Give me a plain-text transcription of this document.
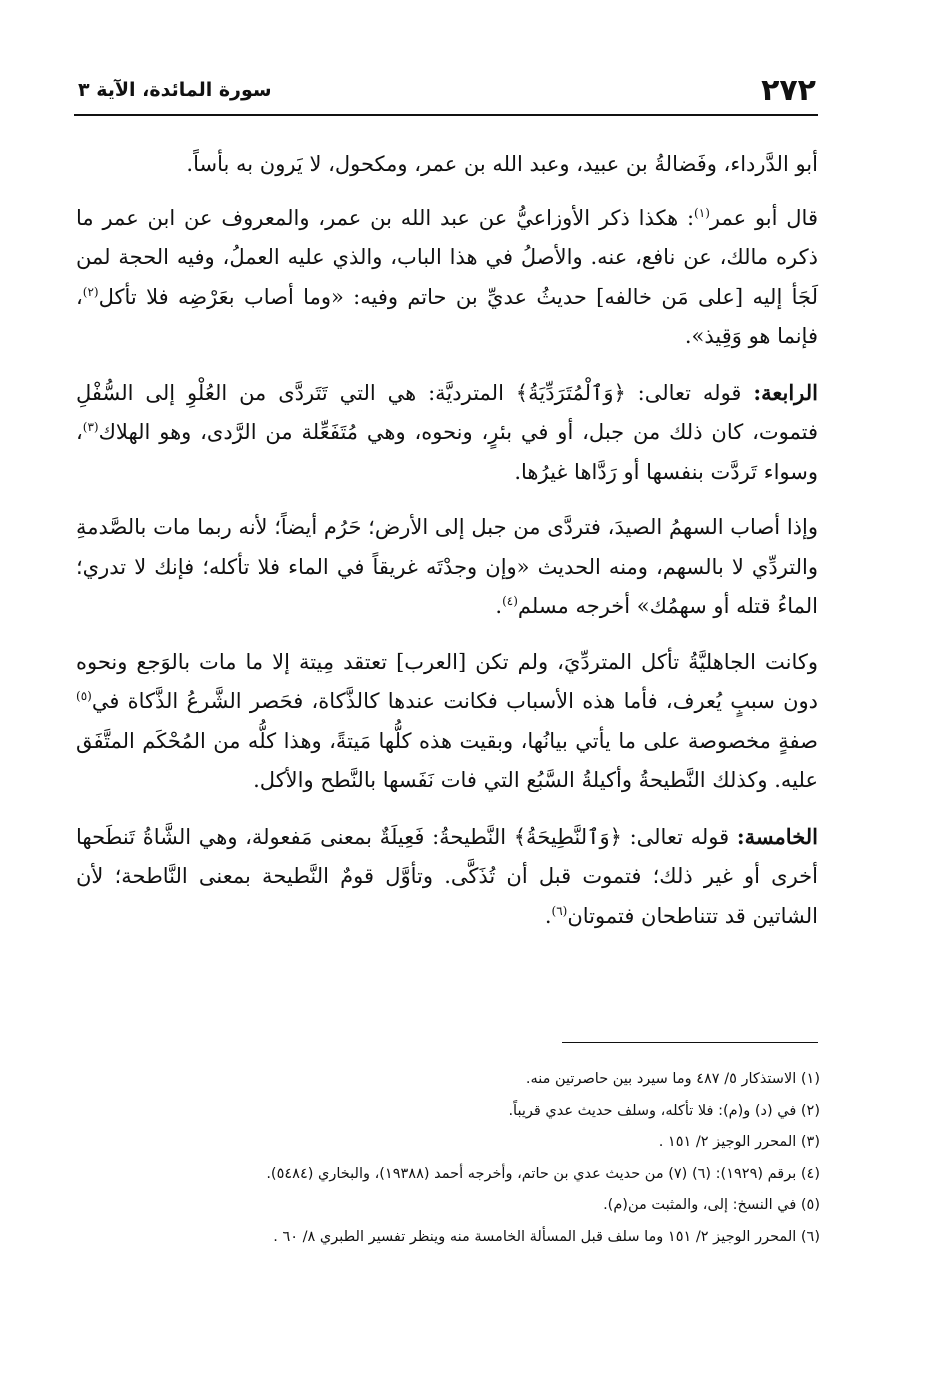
٢٧٢
سورة المائدة، الآية ٣

أبو الدَّرداء، وفَضالةُ بن عبيد، وعبد الله بن عمر، ومكحول، لا يَرون به بأساً.

قال أبو عمر$^{(١)}$: هكذا ذكر الأوزاعيُّ عن عبد الله بن عمر، والمعروف عن ابن عمر ما ذكره مالك، عن نافع، عنه. والأصلُ في هذا الباب، والذي عليه العملُ، وفيه الحجة لمن لَجَأ إليه [على مَن خالفه] حديثُ عديِّ بن حاتم وفيه: «وما أصاب بعَرْضِه فلا تأكل$^{(٢)}$، فإنما هو وَقِيذ».

الرابعة: قوله تعالى: ﴿وَٱلْمُتَرَدِّيَةُ﴾ المترديَّة: هي التي تَتَردَّى من العُلْوِ إلى السُّفْلِ فتموت، كان ذلك من جبل، أو في بئرٍ، ونحوه، وهي مُتَفَعِّلة من الرَّدى، وهو الهلاك$^{(٣)}$، وسواء تَردَّت بنفسها أو رَدَّاها غيرُها.

وإذا أصاب السهمُ الصيدَ، فتردَّى من جبل إلى الأرض؛ حَرُم أيضاً؛ لأنه ربما مات بالصَّدمةِ والتردِّي لا بالسهم، ومنه الحديث «وإن وجدْتَه غريقاً في الماء فلا تأكله؛ فإنك لا تدري؛ الماءُ قتله أو سهمُك» أخرجه مسلم$^{(٤)}$.

وكانت الجاهليَّةُ تأكل المتردِّيَ، ولم تكن [العرب] تعتقد مِيتة إلا ما مات بالوَجع ونحوه دون سببٍ يُعرف، فأما هذه الأسباب فكانت عندها كالذَّكاة، فحَصر الشَّرعُ الذَّكاة في$^{(٥)}$ صفةٍ مخصوصة على ما يأتي بيانُها، وبقيت هذه كلُّها مَيتةً، وهذا كلُّه من المُحْكَم المتَّفَق عليه. وكذلك النَّطيحةُ وأكيلةُ السَّبُع التي فات نَفَسها بالنَّطح والأكل.

الخامسة: قوله تعالى: ﴿وَٱلنَّطِيحَةُ﴾ النَّطيحةُ: فَعِيلَةٌ بمعنى مَفعولة، وهي الشَّاةُ تَنطَحها أخرى أو غير ذلك؛ فتموت قبل أن تُذَكَّى. وتأوَّل قومٌ النَّطيحة بمعنى النَّاطحة؛ لأن الشاتين قد تتناطحان فتموتان$^{(٦)}$.

(١) الاستذكار ٥/ ٤٨٧ وما سيرد بين حاصرتين منه.
(٢) في (د) و(م): فلا تأكله، وسلف حديث عدي قريباً.
(٣) المحرر الوجيز ٢/ ١٥١ .
(٤) برقم (١٩٢٩): (٦) (٧) من حديث عدي بن حاتم، وأخرجه أحمد (١٩٣٨٨)، والبخاري (٥٤٨٤).
(٥) في النسخ: إلى، والمثبت من(م).
(٦) المحرر الوجيز ٢/ ١٥١ وما سلف قبل المسألة الخامسة منه وينظر تفسير الطبري ٨/ ٦٠ .
